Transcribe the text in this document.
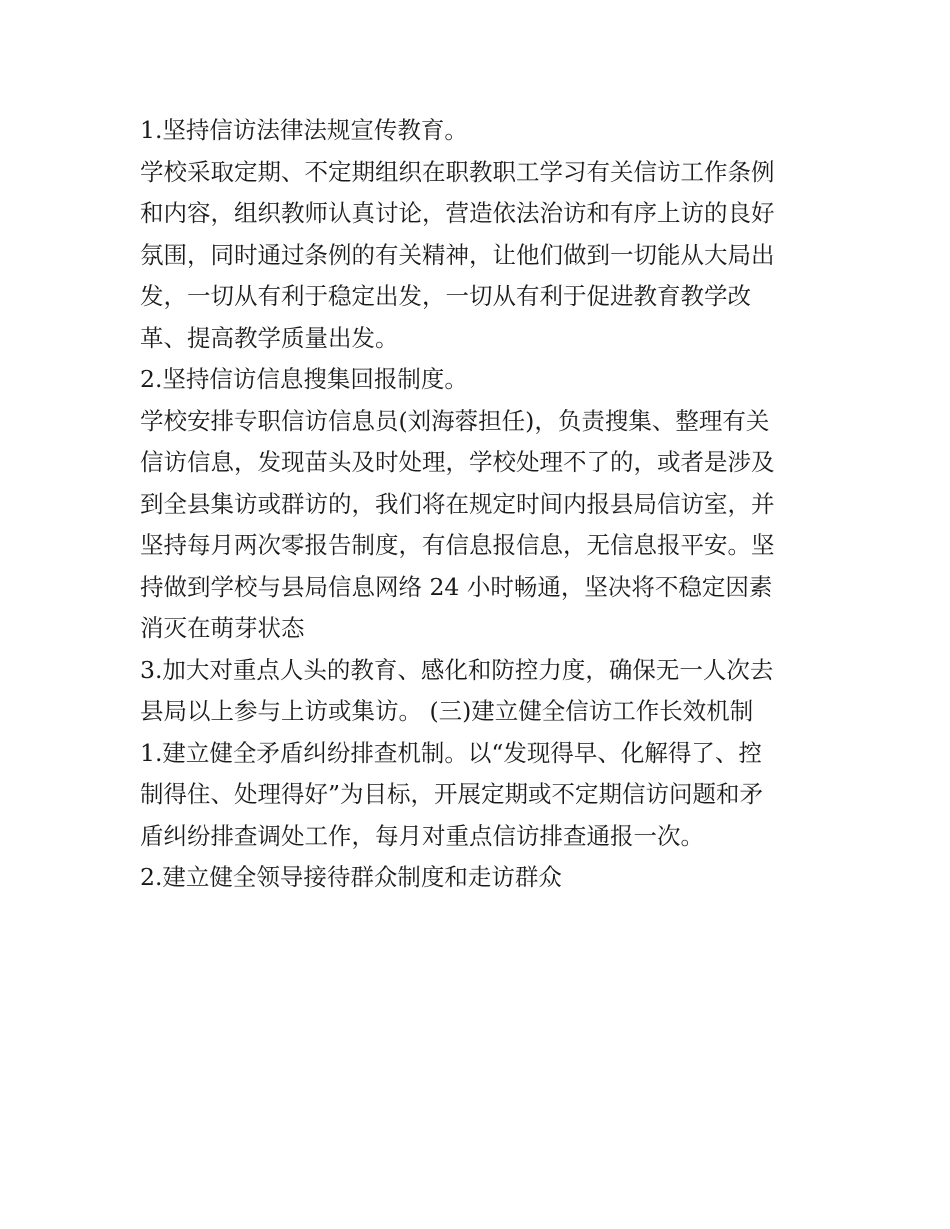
1.坚持信访法律法规宣传教育。
学校采取定期、不定期组织在职教职工学习有关信访工作条例
和内容，组织教师认真讨论，营造依法治访和有序上访的良好
氛围，同时通过条例的有关精神，让他们做到一切能从大局出
发，一切从有利于稳定出发，一切从有利于促进教育教学改
革、提高教学质量出发。
2.坚持信访信息搜集回报制度。
学校安排专职信访信息员(刘海蓉担任)，负责搜集、整理有关
信访信息，发现苗头及时处理，学校处理不了的，或者是涉及
到全县集访或群访的，我们将在规定时间内报县局信访室，并
坚持每月两次零报告制度，有信息报信息，无信息报平安。坚
持做到学校与县局信息网络 24 小时畅通，坚决将不稳定因素
消灭在萌芽状态
3.加大对重点人头的教育、感化和防控力度，确保无一人次去
县局以上参与上访或集访。 (三)建立健全信访工作长效机制
1.建立健全矛盾纠纷排查机制。以“发现得早、化解得了、控
制得住、处理得好”为目标，开展定期或不定期信访问题和矛
盾纠纷排查调处工作，每月对重点信访排查通报一次。
2.建立健全领导接待群众制度和走访群众
